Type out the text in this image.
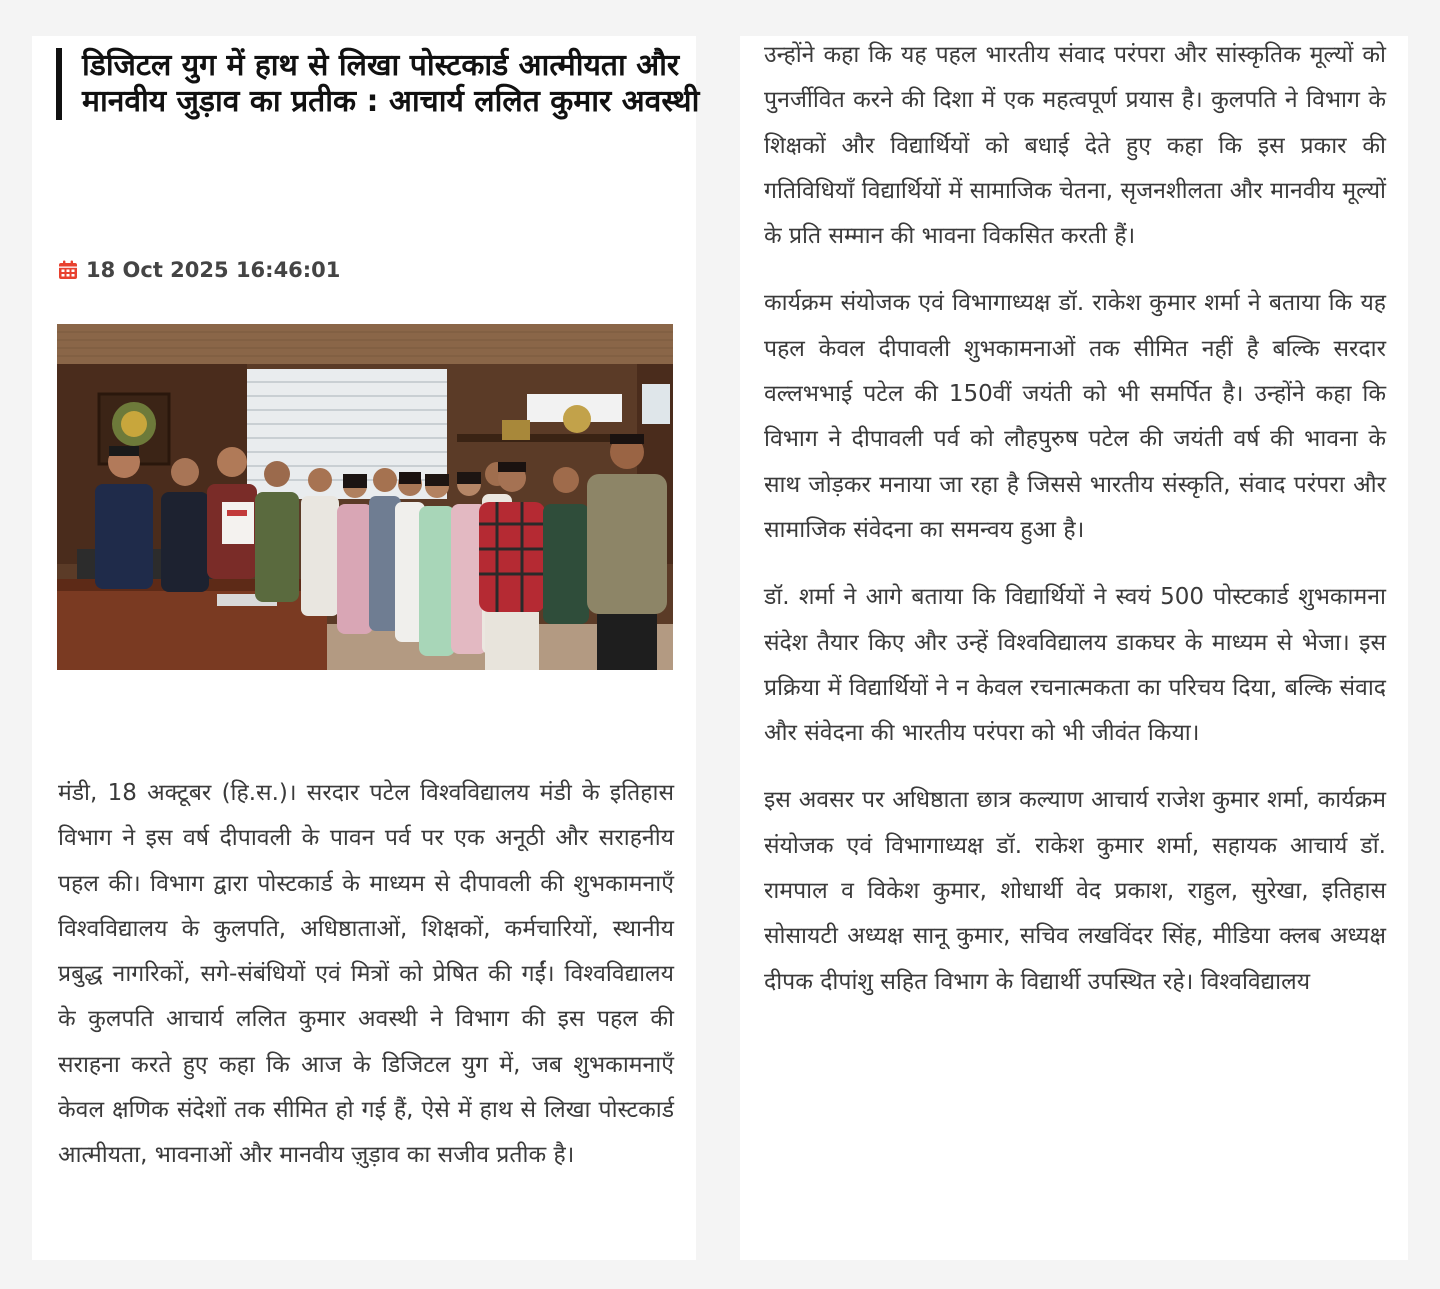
डिजिटल युग में हाथ से लिखा पोस्टकार्ड आत्मीयता और मानवीय जुड़ाव का प्रतीक : आचार्य ललित कुमार अवस्थी
18 Oct 2025 16:46:01

मंडी, 18 अक्टूबर (हि.स.)। सरदार पटेल विश्वविद्यालय मंडी के इतिहास विभाग ने इस वर्ष दीपावली के पावन पर्व पर एक अनूठी और सराहनीय पहल की। विभाग द्वारा पोस्टकार्ड के माध्यम से दीपावली की शुभकामनाएँ विश्वविद्यालय के कुलपति, अधिष्ठाताओं, शिक्षकों, कर्मचारियों, स्थानीय प्रबुद्ध नागरिकों, सगे-संबंधियों एवं मित्रों को प्रेषित की गईं। विश्वविद्यालय के कुलपति आचार्य ललित कुमार अवस्थी ने विभाग की इस पहल की सराहना करते हुए कहा कि आज के डिजिटल युग में, जब शुभकामनाएँ केवल क्षणिक संदेशों तक सीमित हो गई हैं, ऐसे में हाथ से लिखा पोस्टकार्ड आत्मीयता, भावनाओं और मानवीय ज़ुड़ाव का सजीव प्रतीक है।

उन्होंने कहा कि यह पहल भारतीय संवाद परंपरा और सांस्कृतिक मूल्यों को पुनर्जीवित करने की दिशा में एक महत्वपूर्ण प्रयास है। कुलपति ने विभाग के शिक्षकों और विद्यार्थियों को बधाई देते हुए कहा कि इस प्रकार की गतिविधियाँ विद्यार्थियों में सामाजिक चेतना, सृजनशीलता और मानवीय मूल्यों के प्रति सम्मान की भावना विकसित करती हैं।

कार्यक्रम संयोजक एवं विभागाध्यक्ष डॉ. राकेश कुमार शर्मा ने बताया कि यह पहल केवल दीपावली शुभकामनाओं तक सीमित नहीं है बल्कि सरदार वल्लभभाई पटेल की 150वीं जयंती को भी समर्पित है। उन्होंने कहा कि विभाग ने दीपावली पर्व को लौहपुरुष पटेल की जयंती वर्ष की भावना के साथ जोड़कर मनाया जा रहा है जिससे भारतीय संस्कृति, संवाद परंपरा और सामाजिक संवेदना का समन्वय हुआ है।

डॉ. शर्मा ने आगे बताया कि विद्यार्थियों ने स्वयं 500 पोस्टकार्ड शुभकामना संदेश तैयार किए और उन्हें विश्वविद्यालय डाकघर के माध्यम से भेजा। इस प्रक्रिया में विद्यार्थियों ने न केवल रचनात्मकता का परिचय दिया, बल्कि संवाद और संवेदना की भारतीय परंपरा को भी जीवंत किया।

इस अवसर पर अधिष्ठाता छात्र कल्याण आचार्य राजेश कुमार शर्मा, कार्यक्रम संयोजक एवं विभागाध्यक्ष डॉ. राकेश कुमार शर्मा, सहायक आचार्य डॉ. रामपाल व विकेश कुमार, शोधार्थी वेद प्रकाश, राहुल, सुरेखा, इतिहास सोसायटी अध्यक्ष सानू कुमार, सचिव लखविंदर सिंह, मीडिया क्लब अध्यक्ष दीपक दीपांशु सहित विभाग के विद्यार्थी उपस्थित रहे। विश्वविद्यालय
